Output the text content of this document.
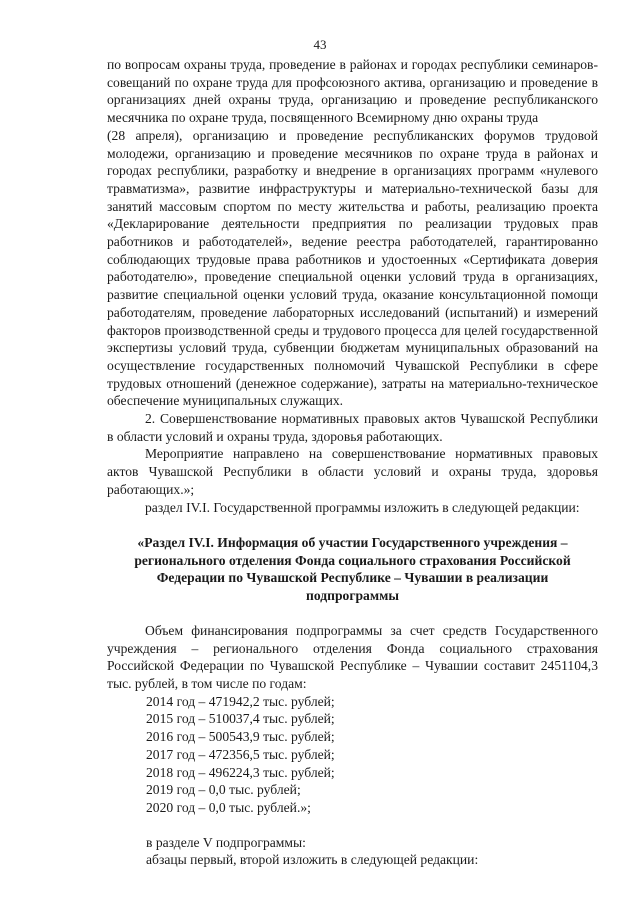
43

по вопросам охраны труда, проведение в районах и городах республики семинаров-совещаний по охране труда для профсоюзного актива, организацию и проведение в организациях дней охраны труда, организацию и проведение республиканского месячника по охране труда, посвященного Всемирному дню охраны труда

(28 апреля), организацию и проведение республиканских форумов трудовой молодежи, организацию и проведение месячников по охране труда в районах и городах республики, разработку и внедрение в организациях программ «нулевого травматизма», развитие инфраструктуры и материально-технической базы для занятий массовым спортом по месту жительства и работы, реализацию проекта «Декларирование деятельности предприятия по реализации трудовых прав работников и работодателей», ведение реестра работодателей, гарантированно соблюдающих трудовые права работников и удостоенных «Сертификата доверия работодателю», проведение специальной оценки условий труда в организациях, развитие специальной оценки условий труда, оказание консультационной помощи работодателям, проведение лабораторных исследований (испытаний) и измерений факторов производственной среды и трудового процесса для целей государственной экспертизы условий труда, субвенции бюджетам муниципальных образований на осуществление государственных полномочий Чувашской Республики в сфере трудовых отношений (денежное содержание), затраты на материально-техническое обеспечение муниципальных служащих.

2. Совершенствование нормативных правовых актов Чувашской Республики в области условий и охраны труда, здоровья работающих.

Мероприятие направлено на совершенствование нормативных правовых актов Чувашской Республики в области условий и охраны труда, здоровья работающих.»;

раздел IV.I. Государственной программы изложить в следующей редакции:

«Раздел IV.I. Информация об участии Государственного учреждения – регионального отделения Фонда социального страхования Российской Федерации по Чувашской Республике – Чувашии в реализации подпрограммы

Объем финансирования подпрограммы за счет средств Государственного учреждения – регионального отделения Фонда социального страхования Российской Федерации по Чувашской Республике – Чувашии составит 2451104,3 тыс. рублей, в том числе по годам:

2014 год – 471942,2 тыс. рублей;
2015 год – 510037,4 тыс. рублей;
2016 год – 500543,9 тыс. рублей;
2017 год – 472356,5 тыс. рублей;
2018 год – 496224,3 тыс. рублей;
2019 год – 0,0 тыс. рублей;
2020 год – 0,0 тыс. рублей.»;

в разделе V подпрограммы:

абзацы первый, второй изложить в следующей редакции:
